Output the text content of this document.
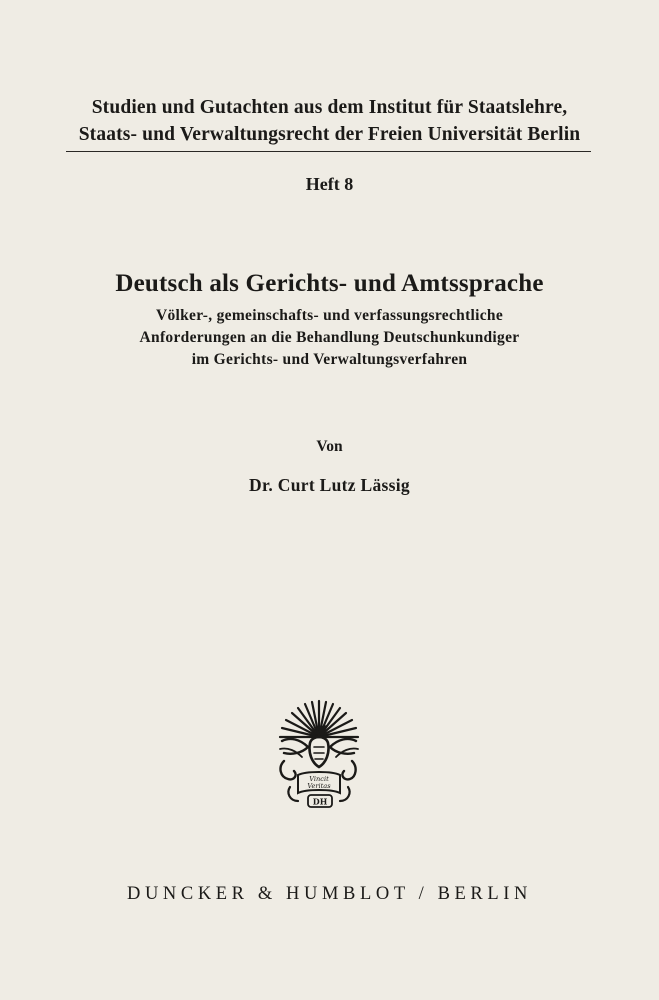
Studien und Gutachten aus dem Institut für Staatslehre,
Staats- und Verwaltungsrecht der Freien Universität Berlin
Heft 8
Deutsch als Gerichts- und Amtssprache
Völker-, gemeinschafts- und verfassungsrechtliche
Anforderungen an die Behandlung Deutschunkundiger
im Gerichts- und Verwaltungsverfahren
Von
Dr. Curt Lutz Lässig
Vincit
Veritas
DH
DUNCKER & HUMBLOT / BERLIN
